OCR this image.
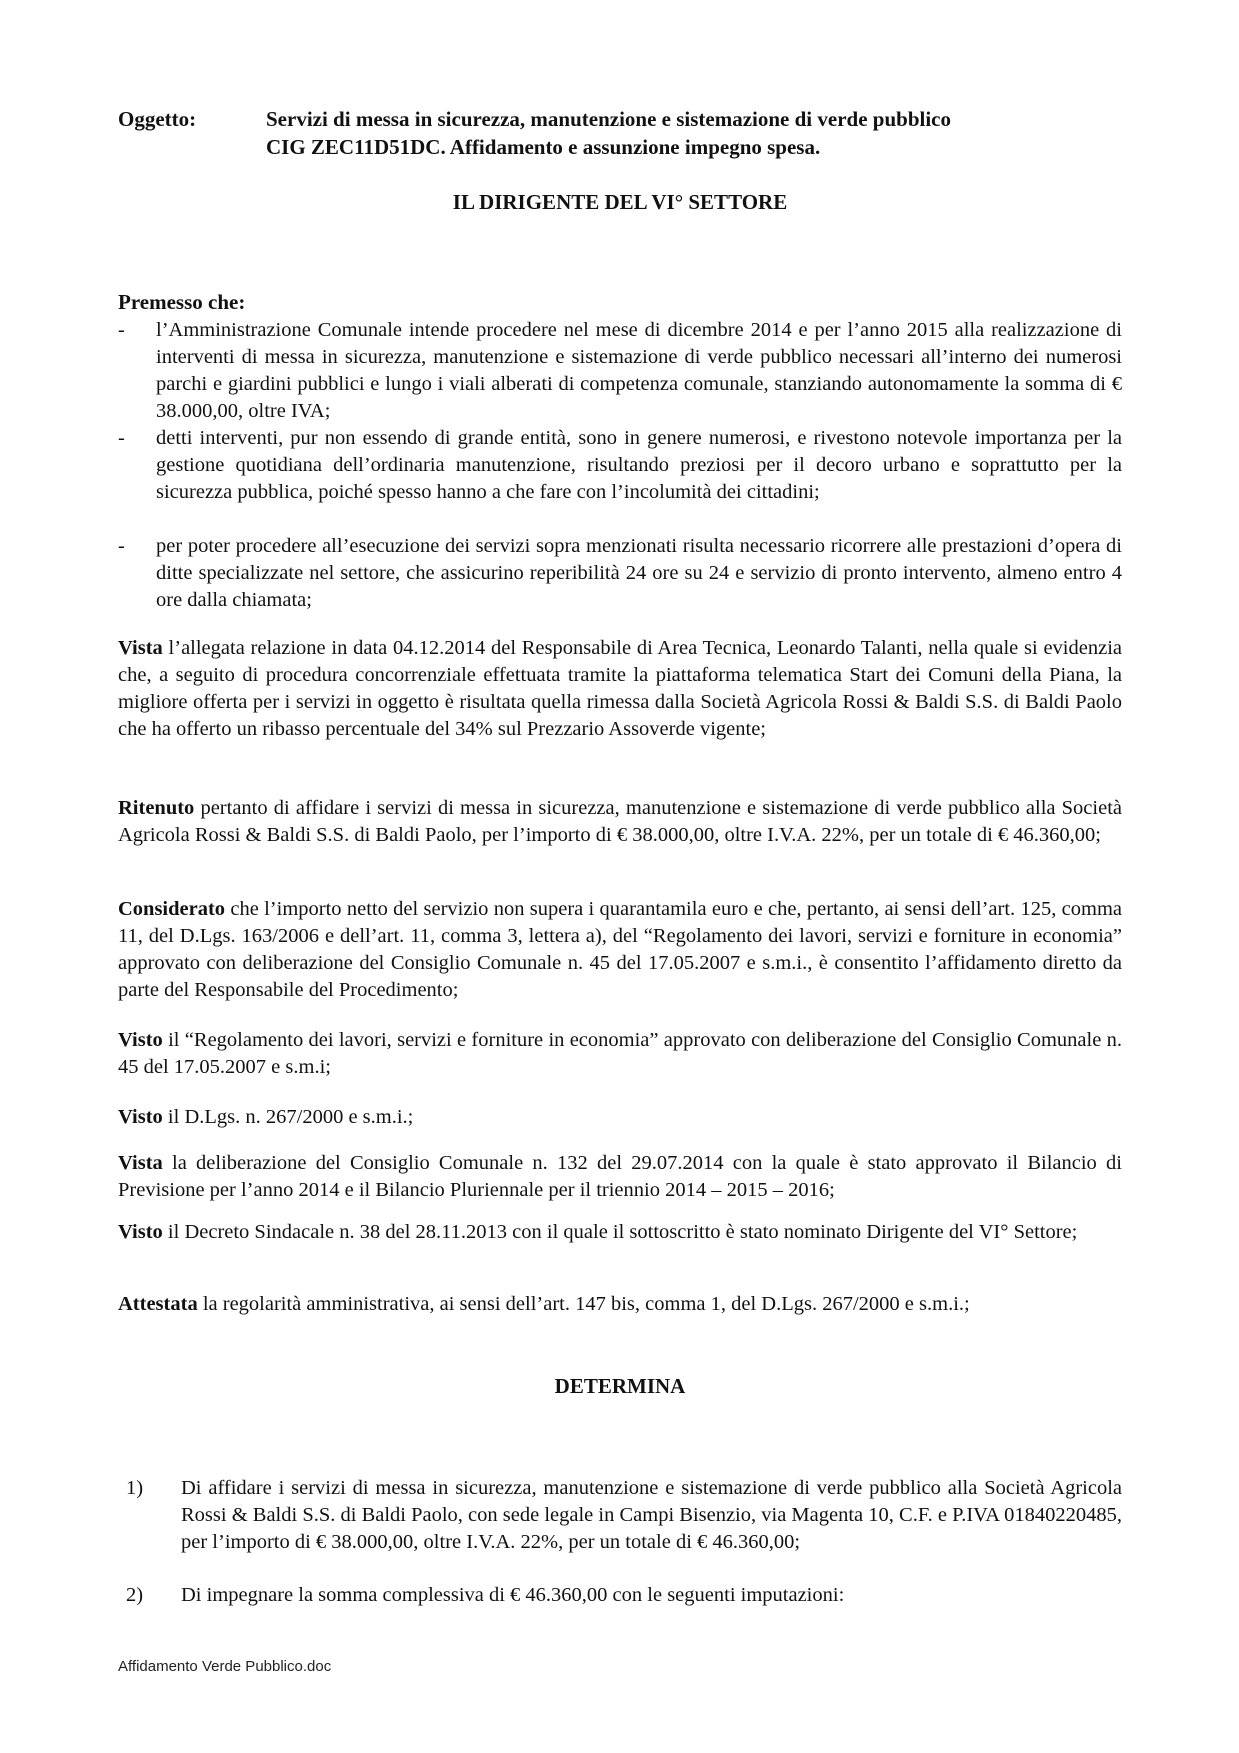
Oggetto:	Servizi di messa in sicurezza, manutenzione e sistemazione di verde pubblico
CIG ZEC11D51DC. Affidamento e assunzione impegno spesa.
IL DIRIGENTE DEL VI° SETTORE

Premesso che:

- l’Amministrazione Comunale intende procedere nel mese di dicembre 2014 e per l’anno 2015 alla realizzazione di interventi di messa in sicurezza, manutenzione e sistemazione di verde pubblico necessari all’interno dei numerosi parchi e giardini pubblici e lungo i viali alberati di competenza comunale, stanziando autonomamente la somma di € 38.000,00, oltre IVA;

- detti interventi, pur non essendo di grande entità, sono in genere numerosi, e rivestono notevole importanza per la gestione quotidiana dell’ordinaria manutenzione, risultando preziosi per il decoro urbano e soprattutto per la sicurezza pubblica, poiché spesso hanno a che fare con l’incolumità dei cittadini;

- per poter procedere all’esecuzione dei servizi sopra menzionati risulta necessario ricorrere alle prestazioni d’opera di ditte specializzate nel settore, che assicurino reperibilità 24 ore su 24 e servizio di pronto intervento, almeno entro 4 ore dalla chiamata;

Vista l’allegata relazione in data 04.12.2014 del Responsabile di Area Tecnica, Leonardo Talanti, nella quale si evidenzia che, a seguito di procedura concorrenziale effettuata tramite la piattaforma telematica Start dei Comuni della Piana, la migliore offerta per i servizi in oggetto è risultata quella rimessa dalla Società Agricola Rossi & Baldi S.S. di Baldi Paolo che ha offerto un ribasso percentuale del 34% sul Prezzario Assoverde vigente;

Ritenuto pertanto di affidare i servizi di messa in sicurezza, manutenzione e sistemazione di verde pubblico alla Società Agricola Rossi & Baldi S.S. di Baldi Paolo, per l’importo di € 38.000,00, oltre I.V.A. 22%, per un totale di € 46.360,00;

Considerato che l’importo netto del servizio non supera i quarantamila euro e che, pertanto, ai sensi dell’art. 125, comma 11, del D.Lgs. 163/2006 e dell’art. 11, comma 3, lettera a), del “Regolamento dei lavori, servizi e forniture in economia” approvato con deliberazione del Consiglio Comunale n. 45 del 17.05.2007 e s.m.i., è consentito l’affidamento diretto da parte del Responsabile del Procedimento;

Visto il “Regolamento dei lavori, servizi e forniture in economia” approvato con deliberazione del Consiglio Comunale n. 45 del 17.05.2007 e s.m.i;

Visto il D.Lgs. n. 267/2000 e s.m.i.;

Vista la deliberazione del Consiglio Comunale n. 132 del 29.07.2014 con la quale è stato approvato il Bilancio di Previsione per l’anno 2014 e il Bilancio Pluriennale per il triennio 2014 – 2015 – 2016;

Visto il Decreto Sindacale n. 38 del 28.11.2013 con il quale il sottoscritto è stato nominato Dirigente del VI° Settore;

Attestata la regolarità amministrativa, ai sensi dell’art. 147 bis, comma 1, del D.Lgs. 267/2000 e s.m.i.;

DETERMINA
1) Di affidare i servizi di messa in sicurezza, manutenzione e sistemazione di verde pubblico alla Società Agricola Rossi & Baldi S.S. di Baldi Paolo, con sede legale in Campi Bisenzio, via Magenta 10, C.F. e P.IVA 01840220485, per l’importo di € 38.000,00, oltre I.V.A. 22%, per un totale di € 46.360,00;

2) Di impegnare la somma complessiva di € 46.360,00 con le seguenti imputazioni:

Affidamento Verde Pubblico.doc
